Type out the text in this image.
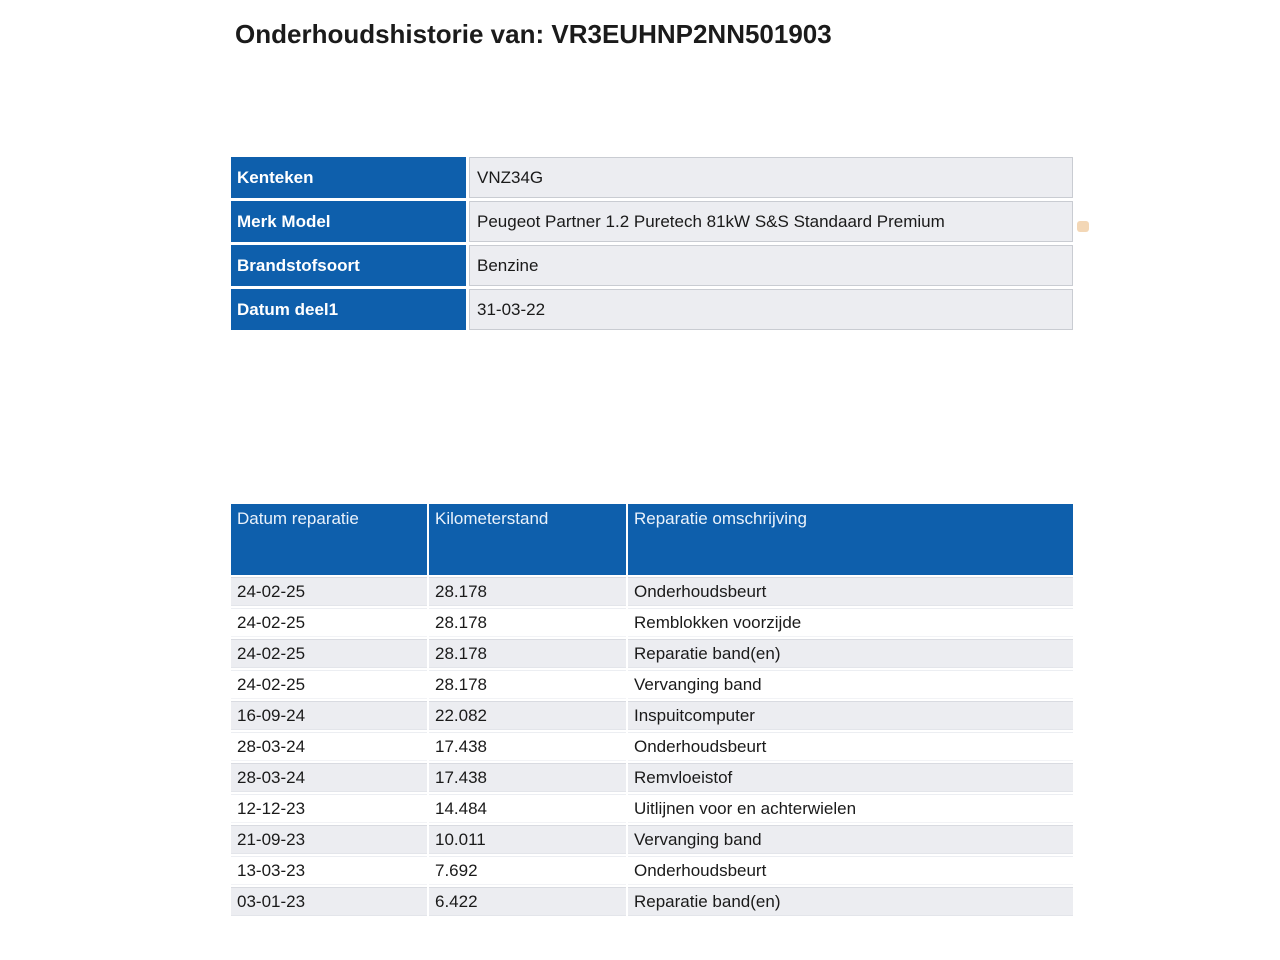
Onderhoudshistorie van: VR3EUHNP2NN501903
Kenteken	VNZ34G
Merk Model	Peugeot Partner 1.2 Puretech 81kW S&S Standaard Premium
Brandstofsoort	Benzine
Datum deel1	31-03-22
Datum reparatie	Kilometerstand	Reparatie omschrijving
24-02-25	28.178	Onderhoudsbeurt
24-02-25	28.178	Remblokken voorzijde
24-02-25	28.178	Reparatie band(en)
24-02-25	28.178	Vervanging band
16-09-24	22.082	Inspuitcomputer
28-03-24	17.438	Onderhoudsbeurt
28-03-24	17.438	Remvloeistof
12-12-23	14.484	Uitlijnen voor en achterwielen
21-09-23	10.011	Vervanging band
13-03-23	7.692	Onderhoudsbeurt
03-01-23	6.422	Reparatie band(en)
